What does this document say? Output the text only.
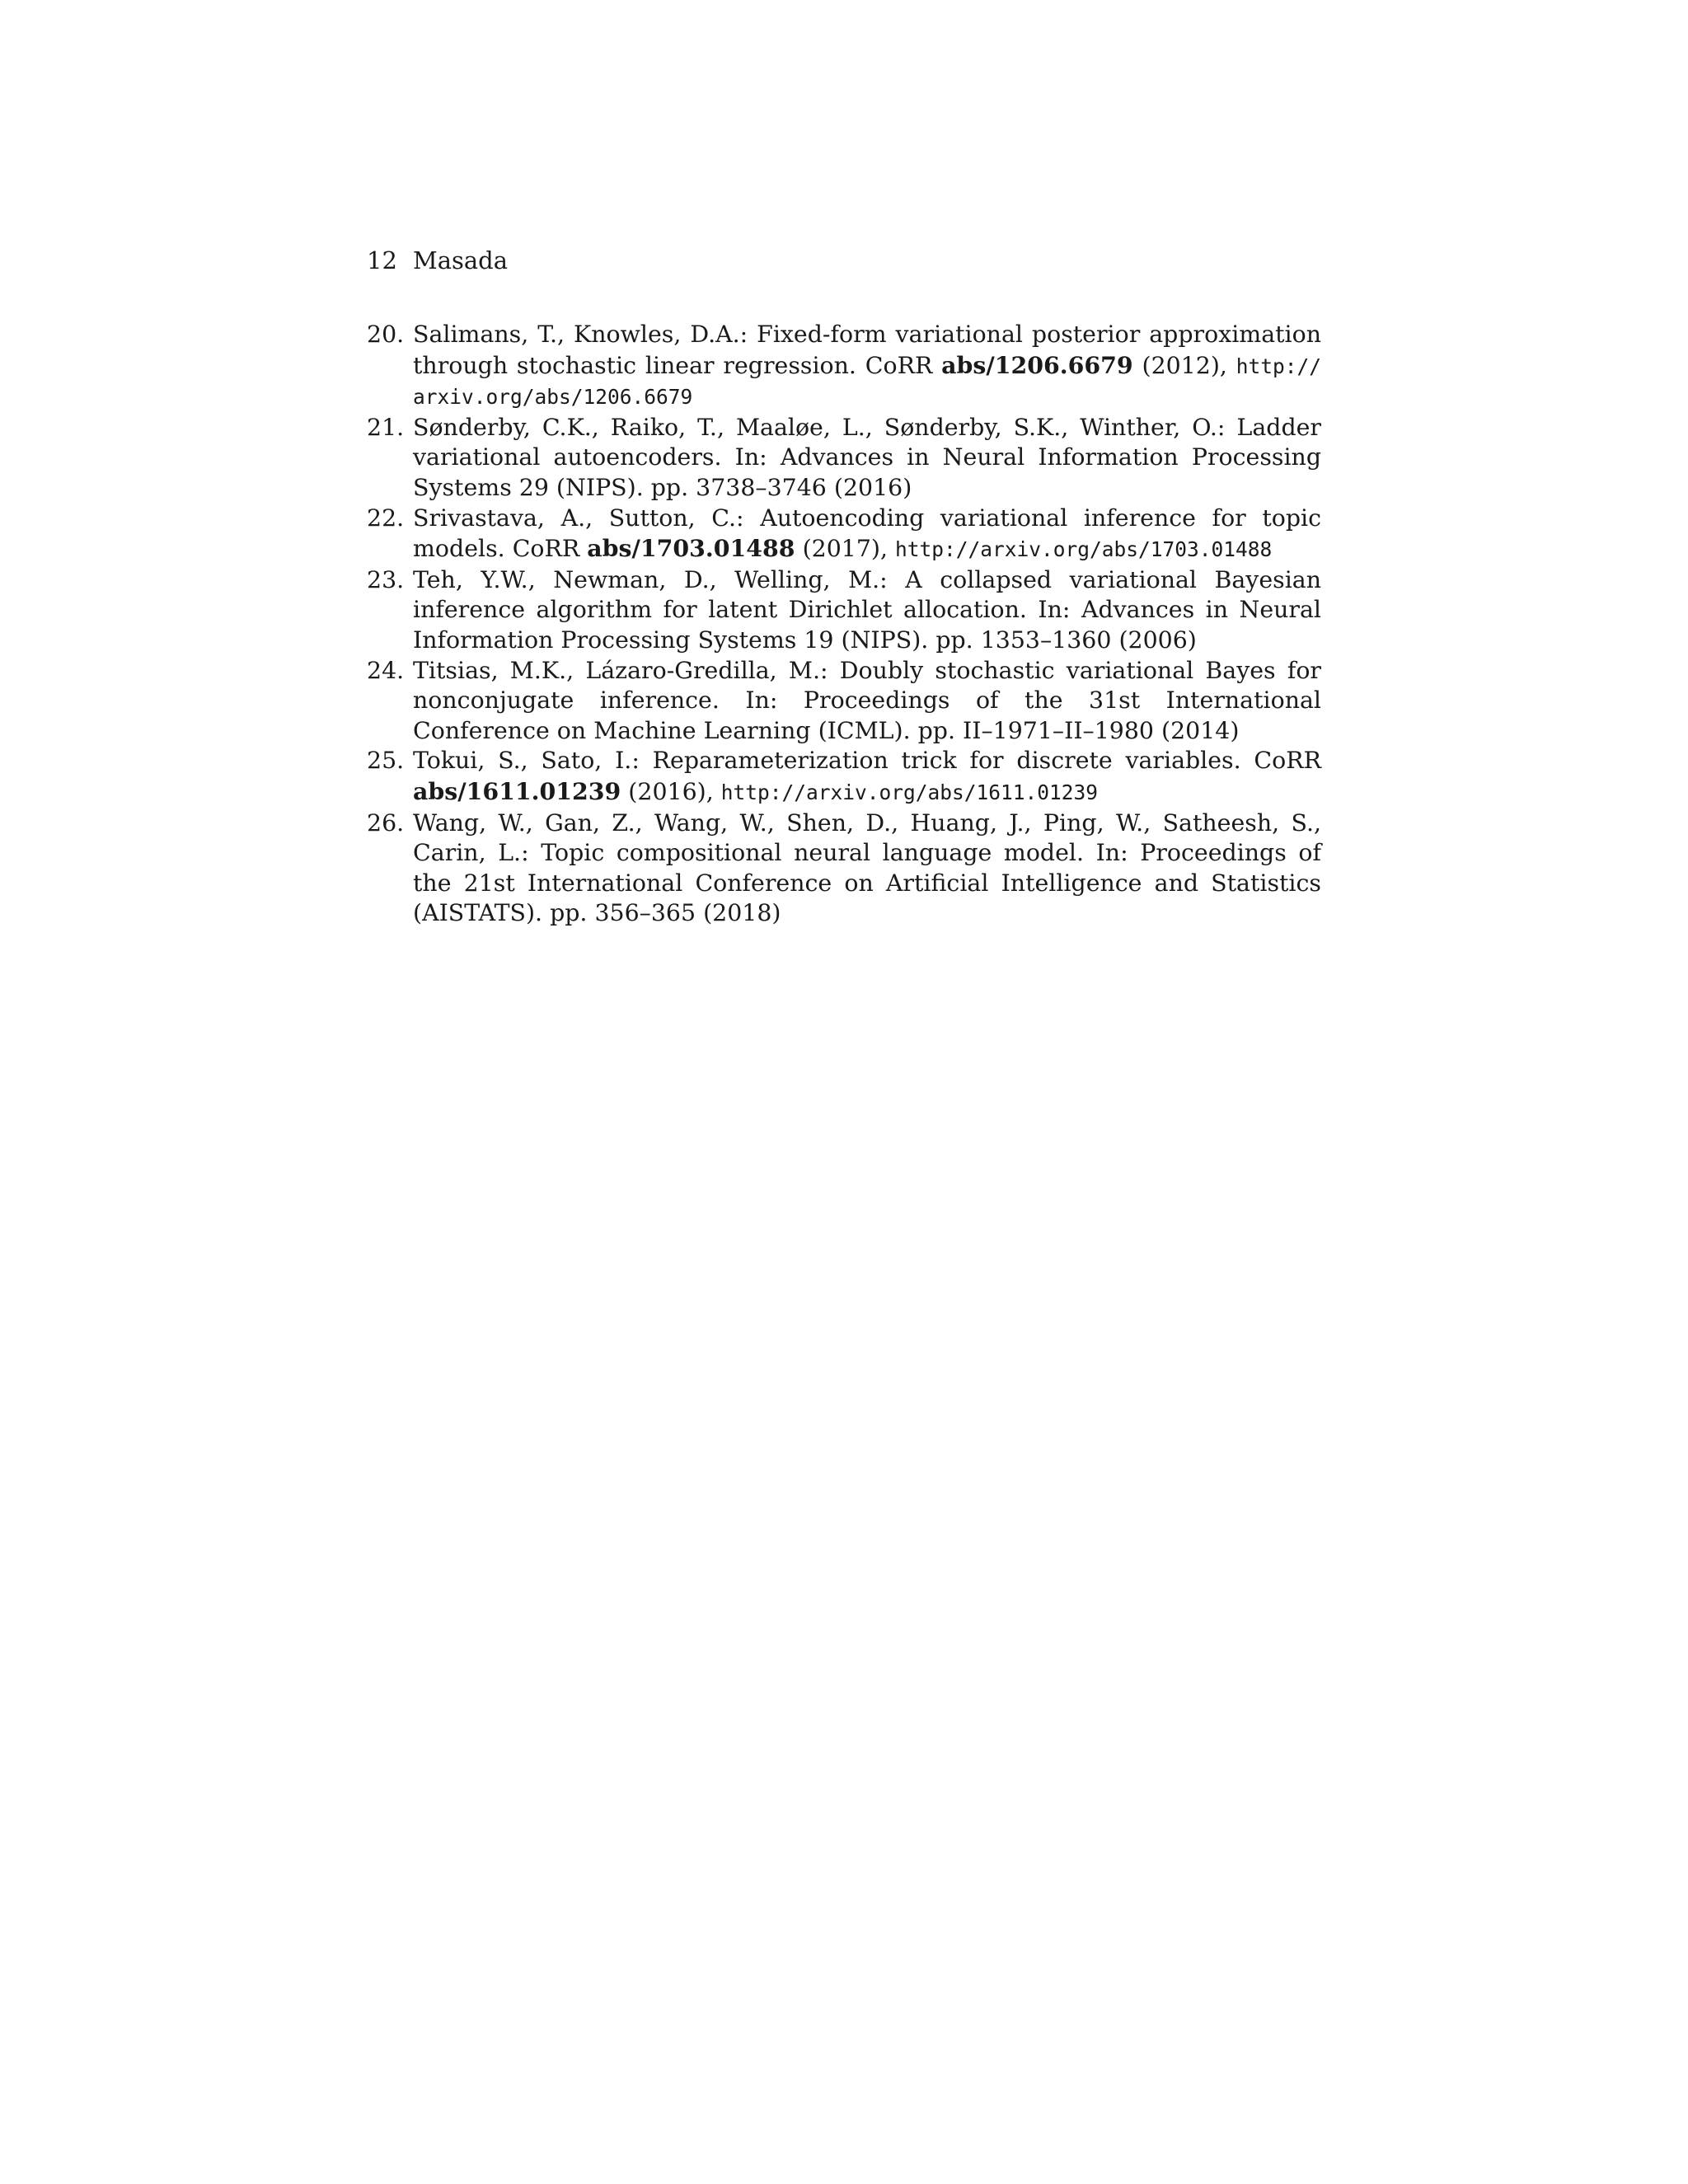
12 Masada
20. Salimans, T., Knowles, D.A.: Fixed-form variational posterior approximation through stochastic linear regression. CoRR abs/1206.6679 (2012), http://arxiv.org/abs/1206.6679
21. Sønderby, C.K., Raiko, T., Maaløe, L., Sønderby, S.K., Winther, O.: Ladder variational autoencoders. In: Advances in Neural Information Processing Systems 29 (NIPS). pp. 3738–3746 (2016)
22. Srivastava, A., Sutton, C.: Autoencoding variational inference for topic models. CoRR abs/1703.01488 (2017), http://arxiv.org/abs/1703.01488
23. Teh, Y.W., Newman, D., Welling, M.: A collapsed variational Bayesian inference algorithm for latent Dirichlet allocation. In: Advances in Neural Information Processing Systems 19 (NIPS). pp. 1353–1360 (2006)
24. Titsias, M.K., Lázaro-Gredilla, M.: Doubly stochastic variational Bayes for nonconjugate inference. In: Proceedings of the 31st International Conference on Machine Learning (ICML). pp. II–1971–II–1980 (2014)
25. Tokui, S., Sato, I.: Reparameterization trick for discrete variables. CoRR abs/1611.01239 (2016), http://arxiv.org/abs/1611.01239
26. Wang, W., Gan, Z., Wang, W., Shen, D., Huang, J., Ping, W., Satheesh, S., Carin, L.: Topic compositional neural language model. In: Proceedings of the 21st International Conference on Artificial Intelligence and Statistics (AISTATS). pp. 356–365 (2018)
